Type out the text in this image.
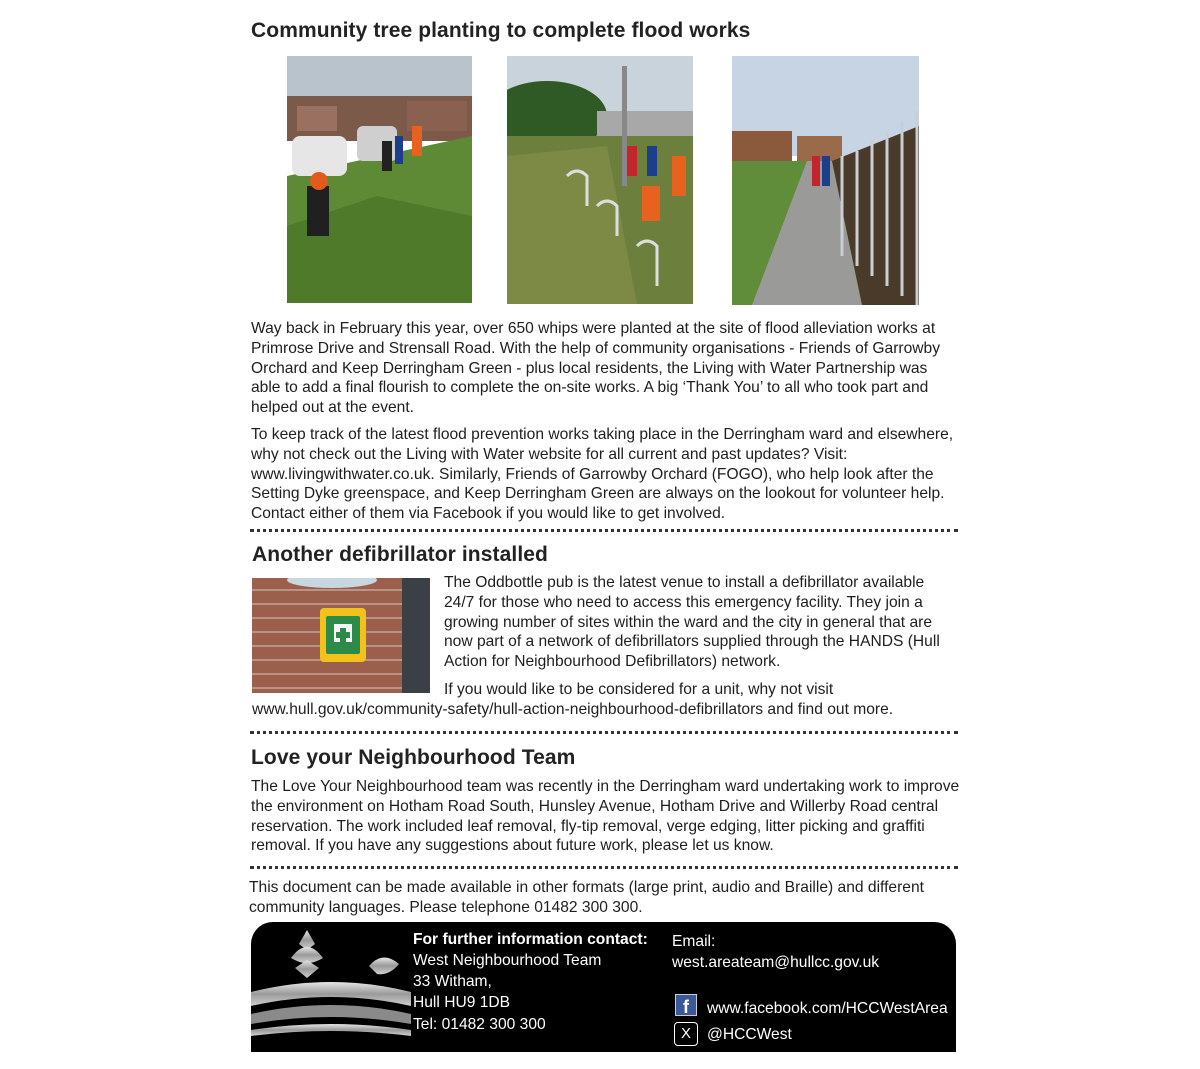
Community tree planting to complete flood works

Way back in February this year, over 650 whips were planted at the site of flood alleviation works at Primrose Drive and Strensall Road. With the help of community organisations - Friends of Garrowby Orchard and Keep Derringham Green - plus local residents, the Living with Water Partnership was able to add a final flourish to complete the on-site works. A big ‘Thank You’ to all who took part and helped out at the event.

To keep track of the latest flood prevention works taking place in the Derringham ward and elsewhere, why not check out the Living with Water website for all current and past updates? Visit: www.livingwithwater.co.uk. Similarly, Friends of Garrowby Orchard (FOGO), who help look after the Setting Dyke greenspace, and Keep Derringham Green are always on the lookout for volunteer help. Contact either of them via Facebook if you would like to get involved.

Another defibrillator installed

The Oddbottle pub is the latest venue to install a defibrillator available 24/7 for those who need to access this emergency facility. They join a growing number of sites within the ward and the city in general that are now part of a network of defibrillators supplied through the HANDS (Hull Action for Neighbourhood Defibrillators) network.

If you would like to be considered for a unit, why not visit

www.hull.gov.uk/community-safety/hull-action-neighbourhood-defibrillators and find out more.

Love your Neighbourhood Team

The Love Your Neighbourhood team was recently in the Derringham ward undertaking work to improve the environment on Hotham Road South, Hunsley Avenue, Hotham Drive and Willerby Road central reservation. The work included leaf removal, fly-tip removal, verge edging, litter picking and graffiti removal. If you have any suggestions about future work, please let us know.

This document can be made available in other formats (large print, audio and Braille) and different community languages. Please telephone 01482 300 300.

For further information contact:
West Neighbourhood Team
33 Witham,
Hull HU9 1DB
Tel: 01482 300 300
Email:
west.areateam@hullcc.gov.uk
f	www.facebook.com/HCCWestArea
X	@HCCWest
